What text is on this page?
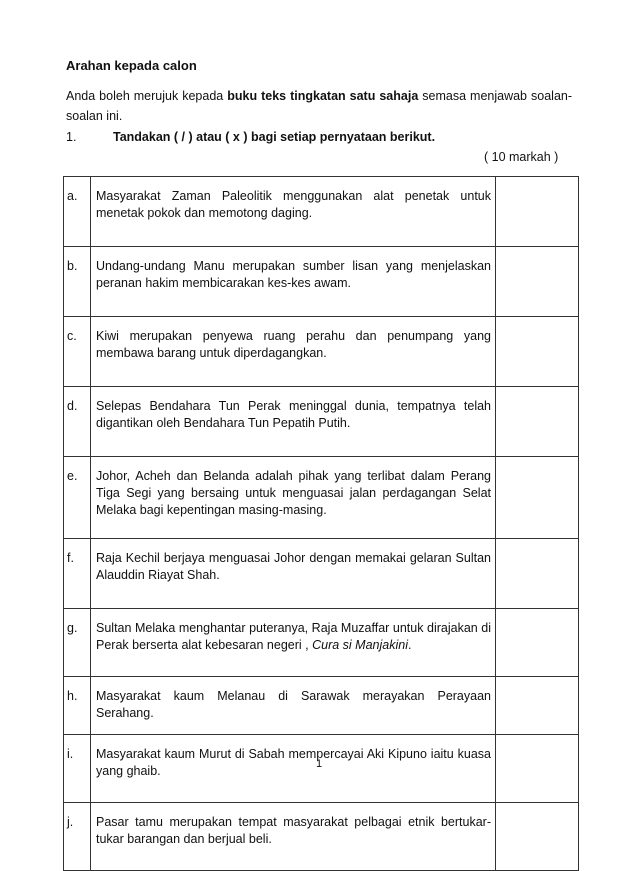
Arahan kepada calon
Anda boleh merujuk kepada buku teks tingkatan satu sahaja semasa menjawab soalan-soalan ini.
1.	Tandakan ( / ) atau ( x ) bagi setiap pernyataan berikut.
( 10 markah )
a.	Masyarakat Zaman Paleolitik menggunakan alat penetak untuk menetak pokok dan memotong daging.	
b.	Undang-undang Manu merupakan sumber lisan yang menjelaskan peranan hakim membicarakan kes-kes awam.	
c.	Kiwi merupakan penyewa ruang perahu dan penumpang yang membawa barang untuk diperdagangkan.	
d.	Selepas Bendahara Tun Perak meninggal dunia, tempatnya telah digantikan oleh Bendahara Tun Pepatih Putih.	
e.	Johor, Acheh dan Belanda adalah pihak yang terlibat dalam Perang Tiga Segi yang bersaing untuk menguasai jalan perdagangan Selat Melaka bagi kepentingan masing-masing.	
f.	Raja Kechil berjaya menguasai Johor dengan memakai gelaran Sultan Alauddin Riayat Shah.	
g.	Sultan Melaka menghantar puteranya, Raja Muzaffar untuk dirajakan di Perak berserta alat kebesaran negeri , Cura si Manjakini.	
h.	Masyarakat kaum Melanau di Sarawak merayakan Perayaan Serahang.	
i.	Masyarakat kaum Murut di Sabah mempercayai Aki Kipuno iaitu kuasa yang ghaib.	
j.	Pasar tamu merupakan tempat masyarakat pelbagai etnik bertukar-tukar barangan dan berjual beli.	
1
